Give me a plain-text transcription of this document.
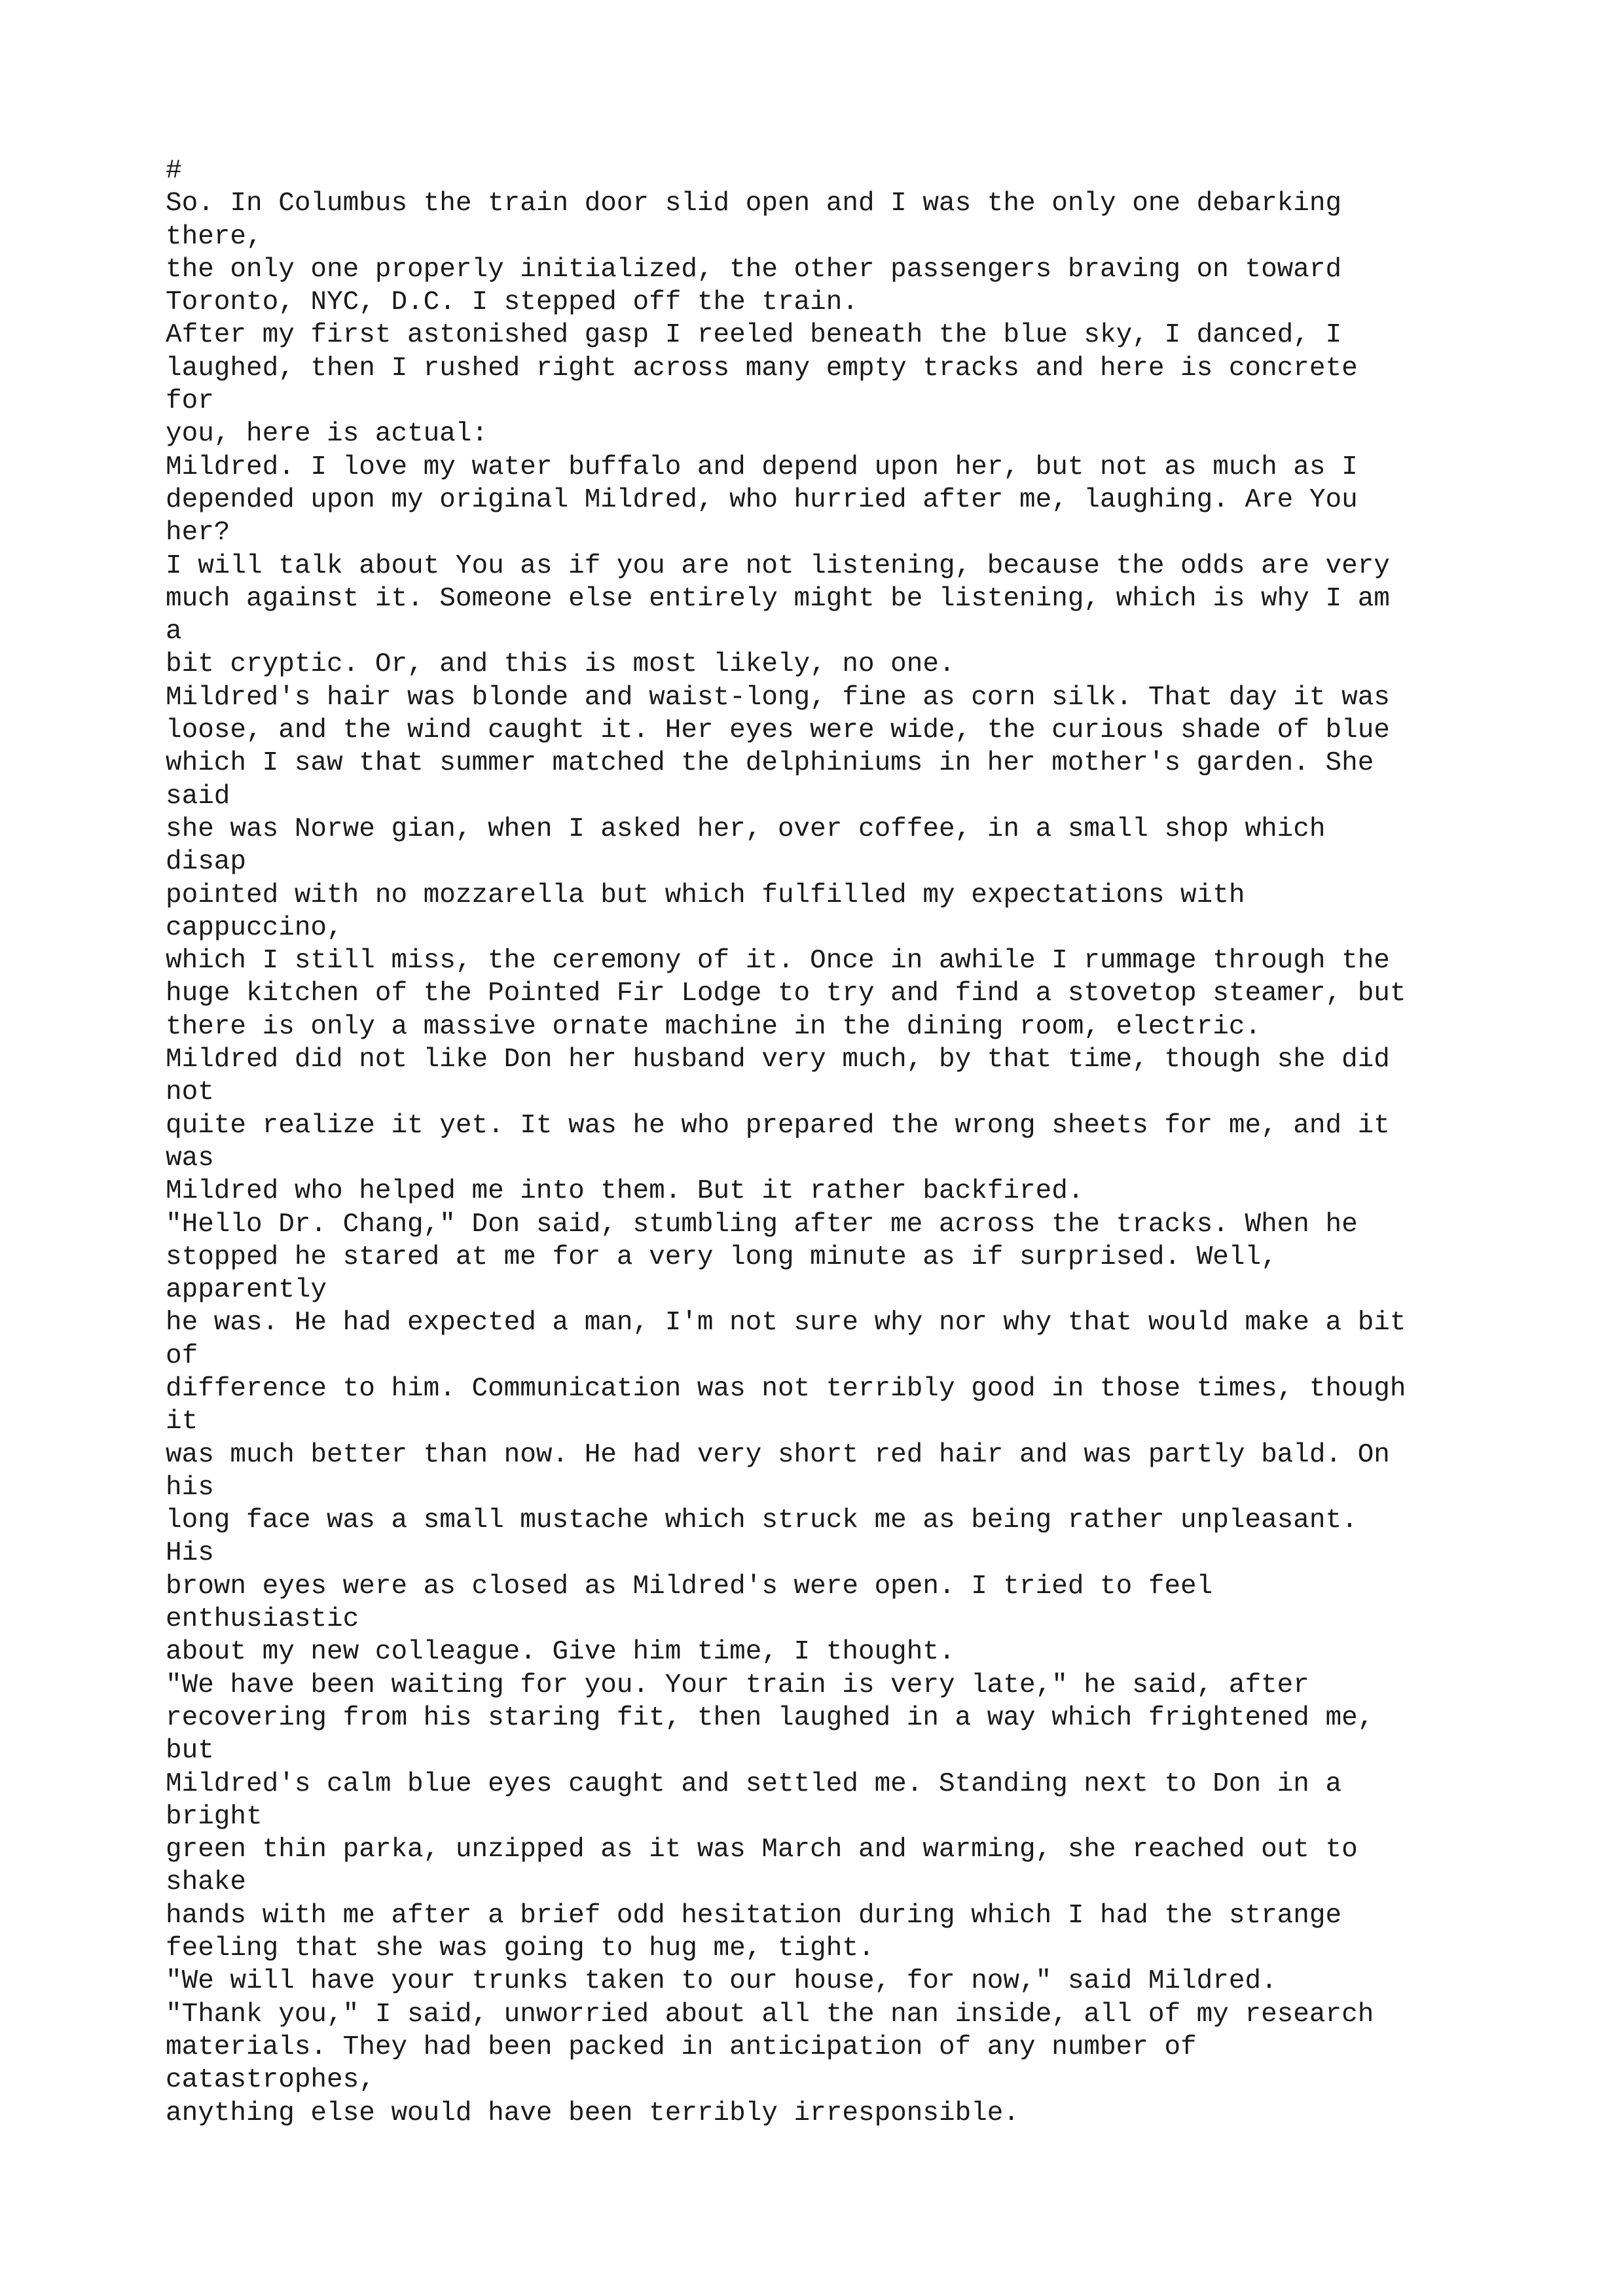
#
So. In Columbus the train door slid open and I was the only one debarking
there,
the only one properly initialized, the other passengers braving on toward
Toronto, NYC, D.C. I stepped off the train.
After my first astonished gasp I reeled beneath the blue sky, I danced, I
laughed, then I rushed right across many empty tracks and here is concrete
for
you, here is actual:
Mildred. I love my water buffalo and depend upon her, but not as much as I
depended upon my original Mildred, who hurried after me, laughing. Are You
her?
I will talk about You as if you are not listening, because the odds are very
much against it. Someone else entirely might be listening, which is why I am
a
bit cryptic. Or, and this is most likely, no one.
Mildred's hair was blonde and waist-long, fine as corn silk. That day it was
loose, and the wind caught it. Her eyes were wide, the curious shade of blue
which I saw that summer matched the delphiniums in her mother's garden. She
said
she was Norwe gian, when I asked her, over coffee, in a small shop which
disap
pointed with no mozzarella but which fulfilled my expectations with
cappuccino,
which I still miss, the ceremony of it. Once in awhile I rummage through the
huge kitchen of the Pointed Fir Lodge to try and find a stovetop steamer, but
there is only a massive ornate machine in the dining room, electric.
Mildred did not like Don her husband very much, by that time, though she did
not
quite realize it yet. It was he who prepared the wrong sheets for me, and it
was
Mildred who helped me into them. But it rather backfired.
"Hello Dr. Chang," Don said, stumbling after me across the tracks. When he
stopped he stared at me for a very long minute as if surprised. Well,
apparently
he was. He had expected a man, I'm not sure why nor why that would make a bit
of
difference to him. Communication was not terribly good in those times, though
it
was much better than now. He had very short red hair and was partly bald. On
his
long face was a small mustache which struck me as being rather unpleasant.
His
brown eyes were as closed as Mildred's were open. I tried to feel
enthusiastic
about my new colleague. Give him time, I thought.
"We have been waiting for you. Your train is very late," he said, after
recovering from his staring fit, then laughed in a way which frightened me,
but
Mildred's calm blue eyes caught and settled me. Standing next to Don in a
bright
green thin parka, unzipped as it was March and warming, she reached out to
shake
hands with me after a brief odd hesitation during which I had the strange
feeling that she was going to hug me, tight.
"We will have your trunks taken to our house, for now," said Mildred.
"Thank you," I said, unworried about all the nan inside, all of my research
materials. They had been packed in anticipation of any number of
catastrophes,
anything else would have been terribly irresponsible.
